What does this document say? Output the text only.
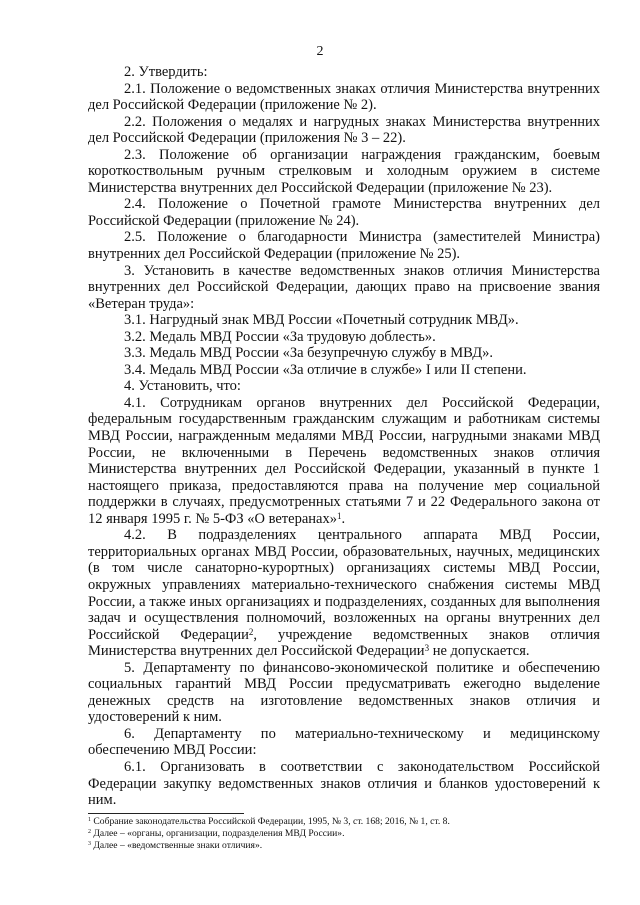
2

2. Утвердить:

2.1. Положение о ведомственных знаках отличия Министерства внутренних дел Российской Федерации (приложение № 2).

2.2. Положения о медалях и нагрудных знаках Министерства внутренних дел Российской Федерации (приложения № 3 – 22).

2.3. Положение об организации награждения гражданским, боевым короткоствольным ручным стрелковым и холодным оружием в системе Министерства внутренних дел Российской Федерации (приложение № 23).

2.4. Положение о Почетной грамоте Министерства внутренних дел Российской Федерации (приложение № 24).

2.5. Положение о благодарности Министра (заместителей Министра) внутренних дел Российской Федерации (приложение № 25).

3. Установить в качестве ведомственных знаков отличия Министерства внутренних дел Российской Федерации, дающих право на присвоение звания «Ветеран труда»:

3.1. Нагрудный знак МВД России «Почетный сотрудник МВД».

3.2. Медаль МВД России «За трудовую доблесть».

3.3. Медаль МВД России «За безупречную службу в МВД».

3.4. Медаль МВД России «За отличие в службе» I или II степени.

4. Установить, что:

4.1. Сотрудникам органов внутренних дел Российской Федерации, федеральным государственным гражданским служащим и работникам системы МВД России, награжденным медалями МВД России, нагрудными знаками МВД России, не включенными в Перечень ведомственных знаков отличия Министерства внутренних дел Российской Федерации, указанный в пункте 1 настоящего приказа, предоставляются права на получение мер социальной поддержки в случаях, предусмотренных статьями 7 и 22 Федерального закона от 12 января 1995 г. № 5-ФЗ «О ветеранах»$^1$.

4.2. В подразделениях центрального аппарата МВД России, территориальных органах МВД России, образовательных, научных, медицинских (в том числе санаторно-курортных) организациях системы МВД России, окружных управлениях материально-технического снабжения системы МВД России, а также иных организациях и подразделениях, созданных для выполнения задач и осуществления полномочий, возложенных на органы внутренних дел Российской Федерации$^2$, учреждение ведомственных знаков отличия Министерства внутренних дел Российской Федерации$^3$ не допускается.

5. Департаменту по финансово-экономической политике и обеспечению социальных гарантий МВД России предусматривать ежегодно выделение денежных средств на изготовление ведомственных знаков отличия и удостоверений к ним.

6. Департаменту по материально-техническому и медицинскому обеспечению МВД России:

6.1. Организовать в соответствии с законодательством Российской Федерации закупку ведомственных знаков отличия и бланков удостоверений к ним.

$^1$ Собрание законодательства Российской Федерации, 1995, № 3, ст. 168; 2016, № 1, ст. 8.

$^2$ Далее – «органы, организации, подразделения МВД России».

$^3$ Далее – «ведомственные знаки отличия».
